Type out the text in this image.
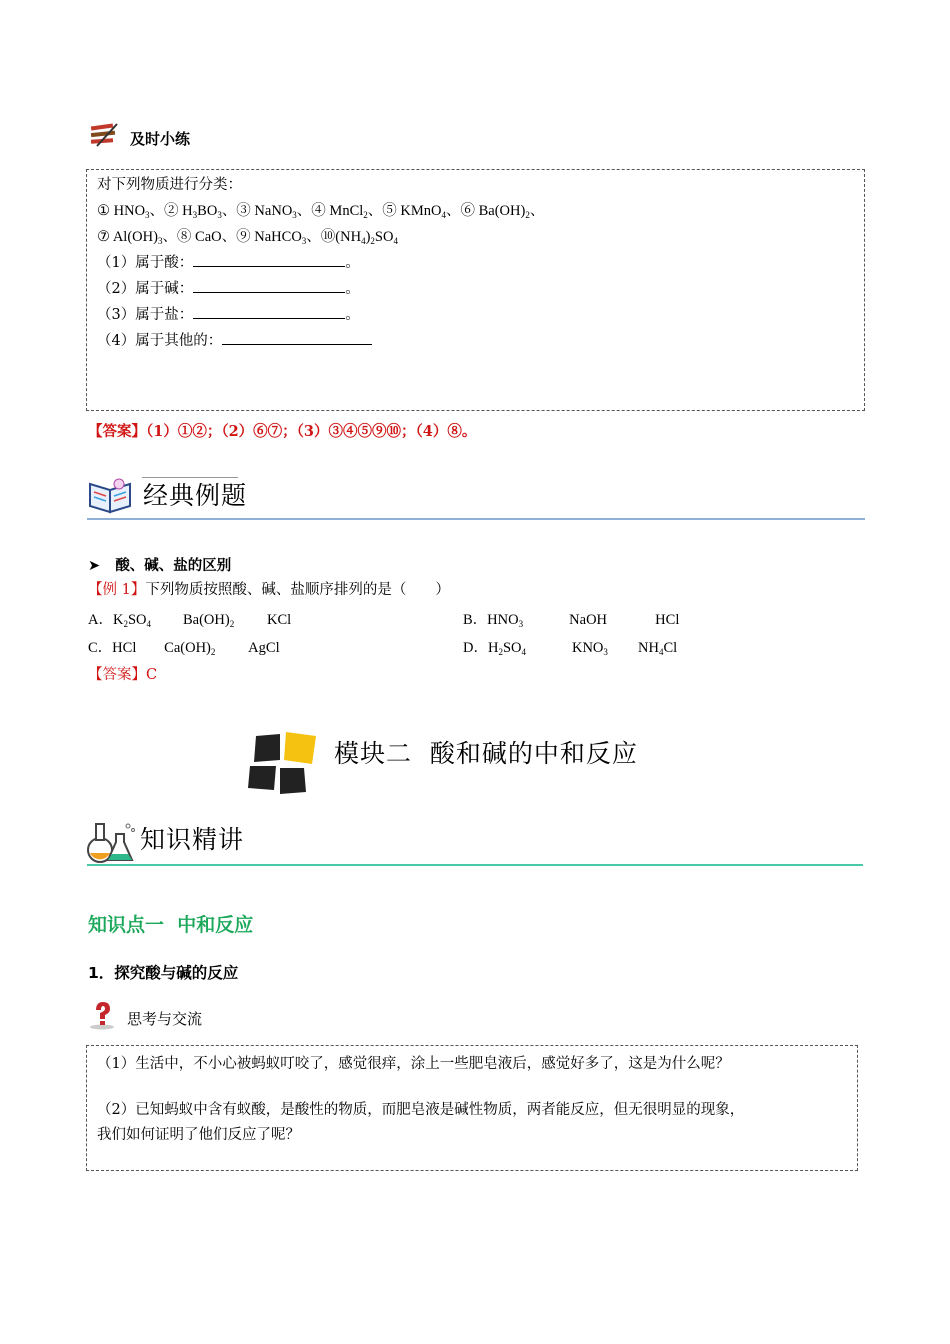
及时小练
对下列物质进行分类：
① $HNO_3$、② $H_3BO_3$、③ NaNO$_3$、④ MnCl$_2$、⑤ KMnO$_4$、⑥ $Ba(OH)_2$、
⑦ $Al(OH)_3$、⑧ CaO、⑨ NaHCO$_3$、$⑩(NH_4)_2SO_4$
（1）属于酸：	。
（2）属于碱：	。
（3）属于盐：	。
（4）属于其他的：
【答案】（1）①②；（2）⑥⑦；（3）③④⑤⑨⑩；（4）⑧。
经典例题
➤ 酸、碱、盐的区别
【例 1】下列物质按照酸、碱、盐顺序排列的是（　　）
A．$K_2SO_4$ $Ba(OH)_2$ KCl	B．$HNO_3$	NaOH	HCl
C．HCl $Ca(OH)_2$ AgCl	D．$H_2SO_4$	$KNO_3$ $NH_4Cl$
【答案】C
模块二  酸和碱的中和反应
知识精讲
知识点一  中和反应
1．探究酸与碱的反应
思考与交流
（1）生活中，不小心被蚂蚁叮咬了，感觉很痒，涂上一些肥皂液后，感觉好多了，这是为什么呢？
（2）已知蚂蚁中含有蚁酸，是酸性的物质，而肥皂液是碱性物质，两者能反应，但无很明显的现象，
我们如何证明了他们反应了呢？
